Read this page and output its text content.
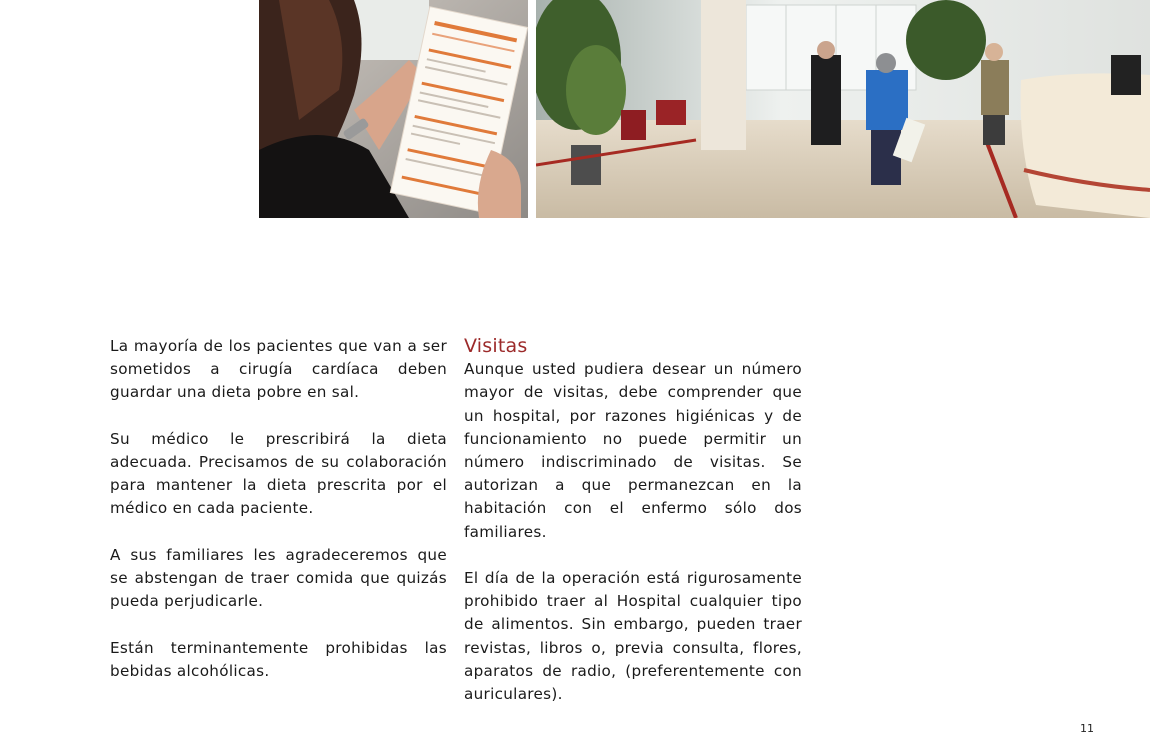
La mayoría de los pacientes que van a ser sometidos a cirugía cardíaca deben guardar una dieta pobre en sal.

Su médico le prescribirá la dieta adecuada. Precisamos de su colaboración para mantener la dieta prescrita por el médico en cada paciente.

A sus familiares les agradeceremos que se abstengan de traer comida que quizás pueda perjudicarle.

Están terminantemente prohibidas las bebidas alcohólicas.

Visitas

Aunque usted pudiera desear un número mayor de visitas, debe comprender que un hospital, por razones higiénicas y de funcionamiento no puede permitir un número indiscriminado de visitas. Se autorizan a que permanezcan en la habitación con el enfermo sólo dos familiares.

El día de la operación está rigurosamente prohibido traer al Hospital cualquier tipo de alimentos. Sin embargo, pueden traer revistas, libros o, previa consulta, flores, aparatos de radio, (preferentemente con auriculares).

11
